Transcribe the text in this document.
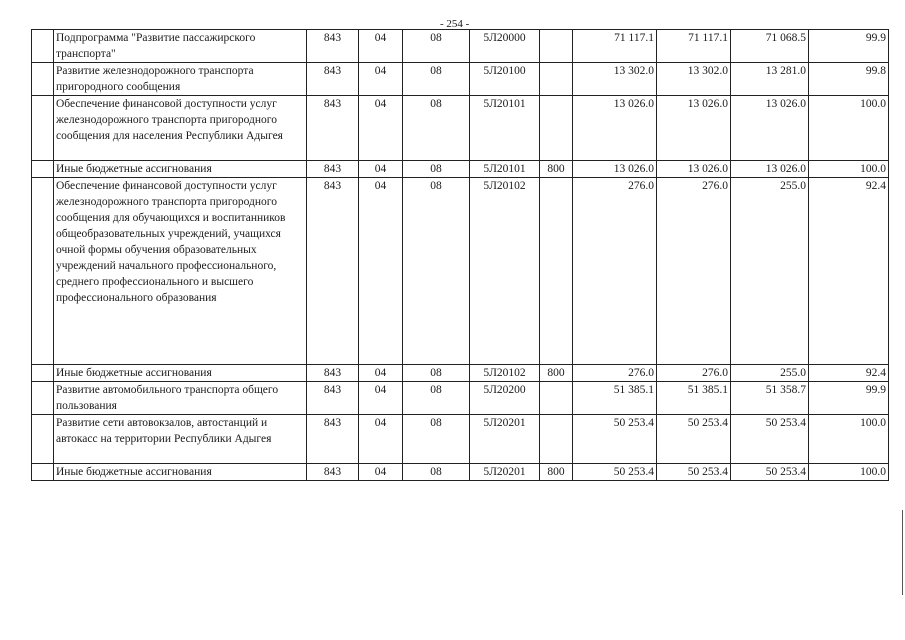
- 254 -
	Подпрограмма "Развитие пассажирского транспорта"	843	04	08	5Л20000		71 117.1	71 117.1	71 068.5	99.9
	Развитие железнодорожного транспорта пригородного сообщения	843	04	08	5Л20100		13 302.0	13 302.0	13 281.0	99.8
	Обеспечение финансовой доступности услуг железнодорожного транспорта пригородного сообщения для населения Республики Адыгея	843	04	08	5Л20101		13 026.0	13 026.0	13 026.0	100.0
	Иные бюджетные ассигнования	843	04	08	5Л20101	800	13 026.0	13 026.0	13 026.0	100.0
	Обеспечение финансовой доступности услуг железнодорожного транспорта пригородного сообщения для обучающихся и воспитанников общеобразовательных учреждений, учащихся очной формы обучения образовательных учреждений начального профессионального, среднего профессионального и высшего профессионального образования	843	04	08	5Л20102		276.0	276.0	255.0	92.4
	Иные бюджетные ассигнования	843	04	08	5Л20102	800	276.0	276.0	255.0	92.4
	Развитие автомобильного транспорта общего пользования	843	04	08	5Л20200		51 385.1	51 385.1	51 358.7	99.9
	Развитие сети автовокзалов, автостанций и автокасс на территории Республики Адыгея	843	04	08	5Л20201		50 253.4	50 253.4	50 253.4	100.0
	Иные бюджетные ассигнования	843	04	08	5Л20201	800	50 253.4	50 253.4	50 253.4	100.0
